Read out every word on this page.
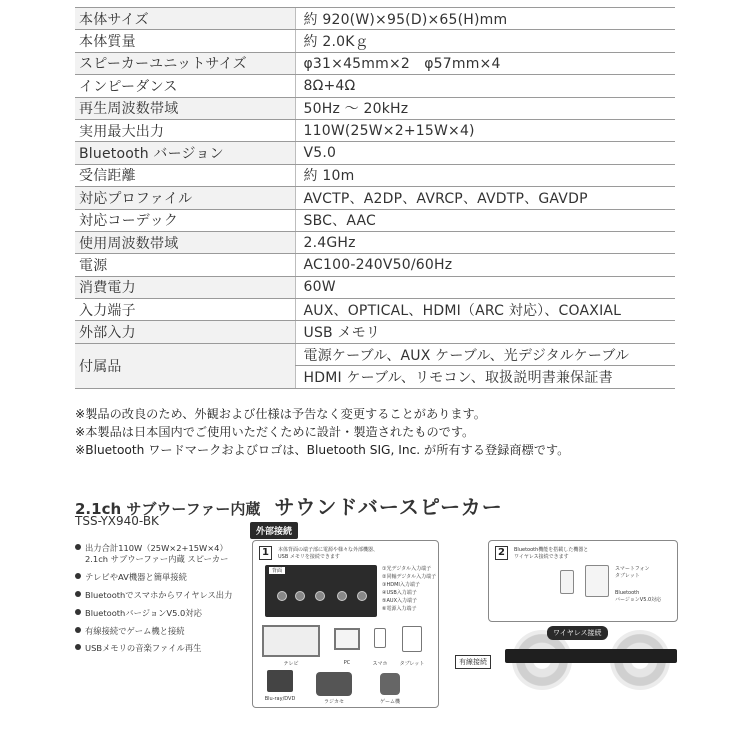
本体サイズ	約 920(W)×95(D)×65(H)mm
本体質量	約 2.0Kｇ
スピーカーユニットサイズ	φ31×45mm×2　φ57mm×4
インピーダンス	8Ω+4Ω
再生周波数帯域	50Hz ～ 20kHz
実用最大出力	110W(25W×2+15W×4)
Bluetooth バージョン	V5.0
受信距離	約 10m
対応プロファイル	AVCTP、A2DP、AVRCP、AVDTP、GAVDP
対応コーデック	SBC、AAC
使用周波数帯域	2.4GHz
電源	AC100-240V50/60Hz
消費電力	60W
入力端子	AUX、OPTICAL、HDMI（ARC 対応）、COAXIAL
外部入力	USB メモリ
付属品	電源ケーブル、AUX ケーブル、光デジタルケーブル
	HDMI ケーブル、リモコン、取扱説明書兼保証書
※製品の改良のため、外観および仕様は予告なく変更することがあります。
※本製品は日本国内でご使用いただくために設計・製造されたものです。
※Bluetooth ワードマークおよびロゴは、Bluetooth SIG, Inc. が所有する登録商標です。
2.1ch サブウーファー内蔵 サウンドバースピーカー
TSS-YX940-BK
出力合計110W（25W×2+15W×4）
2.1ch サブウーファー内蔵 スピーカー
テレビやAV機器と簡単接続
Bluetoothでスマホからワイヤレス出力
BluetoothバージョンV5.0対応
有線接続でゲーム機と接続
USBメモリの音楽ファイル再生
外部接続
1	本体背面の端子部に電源や様々な外部機器、
USB メモリを接続できます
背面	①光デジタル入力端子
②同軸デジタル入力端子
③HDMI入力端子
④USB入力端子
⑤AUX入力端子
⑥電源入力端子
テレビ	PC	スマホ	タブレット
Blu-ray/DVD	ラジカセ	ゲーム機
2	Bluetooth機能を搭載した機器と
ワイヤレス接続できます
スマートフォン
タブレット
Bluetooth
バージョンV5.0対応
ワイヤレス接続
有線接続
